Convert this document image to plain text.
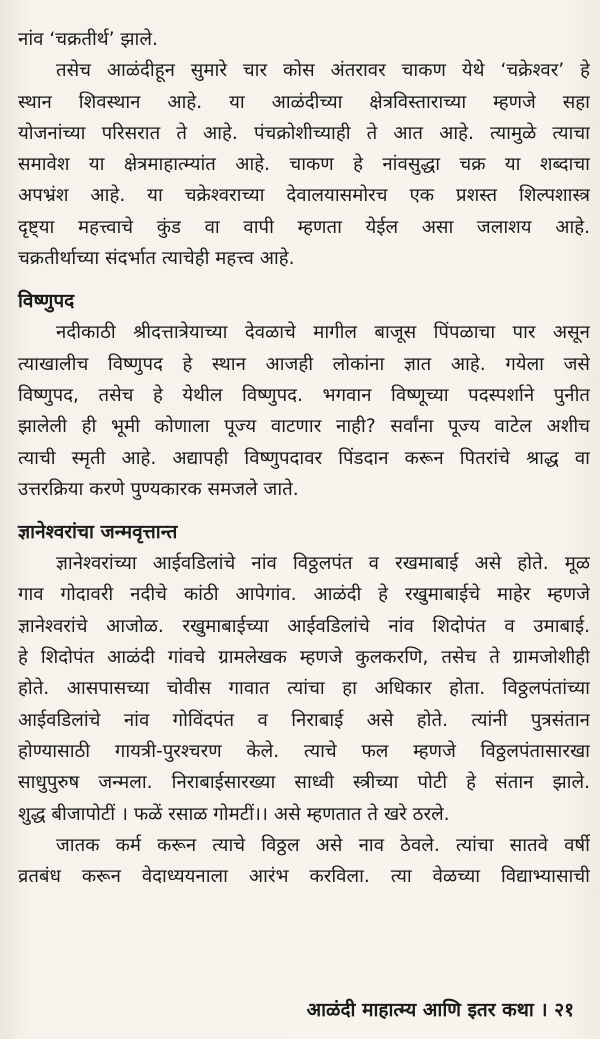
नांव ‘चक्रतीर्थ’ झाले.
तसेच आळंदीहून सुमारे चार कोस अंतरावर चाकण येथे ‘चक्रेश्वर’ हे
स्थान शिवस्थान आहे. या आळंदीच्या क्षेत्रविस्ताराच्या म्हणजे सहा
योजनांच्या परिसरात ते आहे. पंचक्रोशीच्याही ते आत आहे. त्यामुळे त्याचा
समावेश या क्षेत्रमाहात्म्यांत आहे. चाकण हे नांवसुद्धा चक्र या शब्दाचा
अपभ्रंश आहे. या चक्रेश्वराच्या देवालयासमोरच एक प्रशस्त शिल्पशास्त्र
दृष्ट्या महत्त्वाचे कुंड वा वापी म्हणता येईल असा जलाशय आहे.
चक्रतीर्थाच्या संदर्भात त्याचेही महत्त्व आहे.
विष्णुपद
नदीकाठी श्रीदत्तात्रेयाच्या देवळाचे मागील बाजूस पिंपळाचा पार असून
त्याखालीच विष्णुपद हे स्थान आजही लोकांना ज्ञात आहे. गयेला जसे
विष्णुपद, तसेच हे येथील विष्णुपद. भगवान विष्णूच्या पदस्पर्शाने पुनीत
झालेली ही भूमी कोणाला पूज्य वाटणार नाही? सर्वांना पूज्य वाटेल अशीच
त्याची स्मृती आहे. अद्यापही विष्णुपदावर पिंडदान करून पितरांचे श्राद्ध वा
उत्तरक्रिया करणे पुण्यकारक समजले जाते.
ज्ञानेश्वरांचा जन्मवृत्तान्त
ज्ञानेश्वरांच्या आईवडिलांचे नांव विठ्ठलपंत व रखमाबाई असे होते. मूळ
गाव गोदावरी नदीचे कांठी आपेगांव. आळंदी हे रखुमाबाईचे माहेर म्हणजे
ज्ञानेश्वरांचे आजोळ. रखुमाबाईच्या आईवडिलांचे नांव शिदोपंत व उमाबाई.
हे शिदोपंत आळंदी गांवचे ग्रामलेखक म्हणजे कुलकरणि, तसेच ते ग्रामजोशीही
होते. आसपासच्या चोवीस गावात त्यांचा हा अधिकार होता. विठ्ठलपंतांच्या
आईवडिलांचे नांव गोविंदपंत व निराबाई असे होते. त्यांनी पुत्रसंतान
होण्यासाठी गायत्री-पुरश्चरण केले. त्याचे फल म्हणजे विठ्ठलपंतासारखा
साधुपुरुष जन्मला. निराबाईसारख्या साध्वी स्त्रीच्या पोटी हे संतान झाले.
शुद्ध बीजापोटीं । फळें रसाळ गोमटीं।। असे म्हणतात ते खरे ठरले.
जातक कर्म करून त्याचे विठ्ठल असे नाव ठेवले. त्यांचा सातवे वर्षी
व्रतबंध करून वेदाध्ययनाला आरंभ करविला. त्या वेळच्या विद्याभ्यासाची
आळंदी माहात्म्य आणि इतर कथा । २१
